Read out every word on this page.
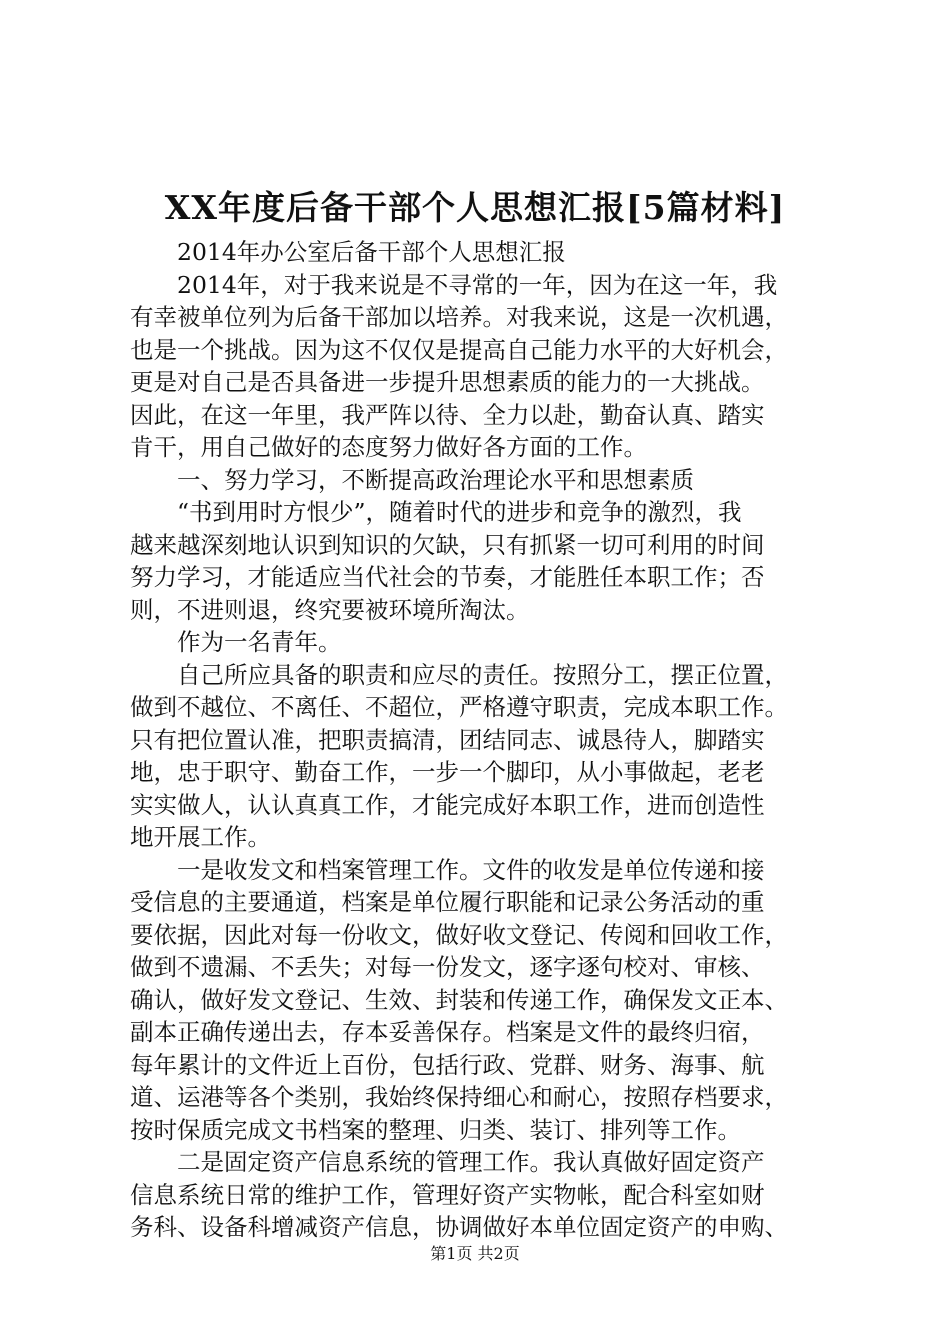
XX年度后备干部个人思想汇报[5篇材料]
2014年办公室后备干部个人思想汇报
2014年，对于我来说是不寻常的一年，因为在这一年，我
有幸被单位列为后备干部加以培养。对我来说，这是一次机遇，
也是一个挑战。因为这不仅仅是提高自己能力水平的大好机会，
更是对自己是否具备进一步提升思想素质的能力的一大挑战。
因此，在这一年里，我严阵以待、全力以赴，勤奋认真、踏实
肯干，用自己做好的态度努力做好各方面的工作。
一、努力学习，不断提高政治理论水平和思想素质
“书到用时方恨少”，随着时代的进步和竞争的激烈，我
越来越深刻地认识到知识的欠缺，只有抓紧一切可利用的时间
努力学习，才能适应当代社会的节奏，才能胜任本职工作；否
则，不进则退，终究要被环境所淘汰。
作为一名青年。
自己所应具备的职责和应尽的责任。按照分工，摆正位置，
做到不越位、不离任、不超位，严格遵守职责，完成本职工作。
只有把位置认准，把职责搞清，团结同志、诚恳待人，脚踏实
地，忠于职守、勤奋工作，一步一个脚印，从小事做起，老老
实实做人，认认真真工作，才能完成好本职工作，进而创造性
地开展工作。
一是收发文和档案管理工作。文件的收发是单位传递和接
受信息的主要通道，档案是单位履行职能和记录公务活动的重
要依据，因此对每一份收文，做好收文登记、传阅和回收工作，
做到不遗漏、不丢失；对每一份发文，逐字逐句校对、审核、
确认，做好发文登记、生效、封装和传递工作，确保发文正本、
副本正确传递出去，存本妥善保存。档案是文件的最终归宿，
每年累计的文件近上百份，包括行政、党群、财务、海事、航
道、运港等各个类别，我始终保持细心和耐心，按照存档要求，
按时保质完成文书档案的整理、归类、装订、排列等工作。
二是固定资产信息系统的管理工作。我认真做好固定资产
信息系统日常的维护工作，管理好资产实物帐，配合科室如财
务科、设备科增减资产信息，协调做好本单位固定资产的申购、
第1页 共2页
